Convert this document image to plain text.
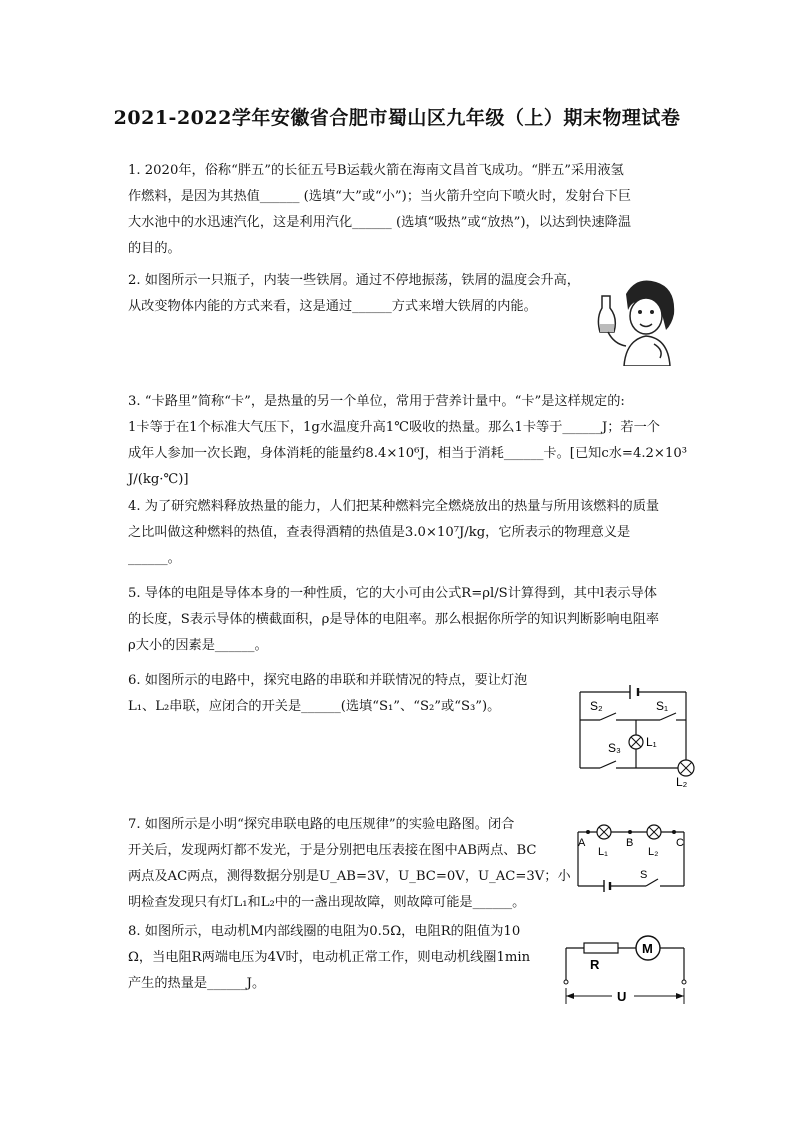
2021-2022学年安徽省合肥市蜀山区九年级（上）期末物理试卷
1. 2020年，俗称“胖五”的长征五号B运载火箭在海南文昌首飞成功。“胖五”采用液氢
作燃料，是因为其热值______ (选填“大”或“小”)；当火箭升空向下喷火时，发射台下巨
大水池中的水迅速汽化，这是利用汽化______ (选填“吸热”或“放热”)，以达到快速降温
的目的。
2. 如图所示一只瓶子，内装一些铁屑。通过不停地振荡，铁屑的温度会升高，
从改变物体内能的方式来看，这是通过______方式来增大铁屑的内能。
3. “卡路里”简称“卡”，是热量的另一个单位，常用于营养计量中。“卡”是这样规定的:
1卡等于在1个标准大气压下，1g水温度升高1℃吸收的热量。那么1卡等于______J；若一个
成年人参加一次长跑，身体消耗的能量约8.4×10⁶J，相当于消耗______卡。[已知c水=4.2×10³
J/(kg·℃)]
4. 为了研究燃料释放热量的能力，人们把某种燃料完全燃烧放出的热量与所用该燃料的质量
之比叫做这种燃料的热值，查表得酒精的热值是3.0×10⁷J/kg，它所表示的物理意义是
______。
5. 导体的电阻是导体本身的一种性质，它的大小可由公式R=ρl/S计算得到，其中l表示导体
的长度，S表示导体的横截面积，ρ是导体的电阻率。那么根据你所学的知识判断影响电阻率
ρ大小的因素是______。
6. 如图所示的电路中，探究电路的串联和并联情况的特点，要让灯泡
L₁、L₂串联，应闭合的开关是______(选填“S₁”、“S₂”或“S₃”)。	S₂	S₁
S₃ L₁
L₂
7. 如图所示是小明“探究串联电路的电压规律”的实验电路图。闭合
开关后，发现两灯都不发光，于是分别把电压表接在图中AB两点、BC
两点及AC两点，测得数据分别是U_AB=3V，U_BC=0V，U_AC=3V；小
明检查发现只有灯L₁和L₂中的一盏出现故障，则故障可能是______。
A
L₁
B
L₂
C
S
8. 如图所示，电动机M内部线圈的电阻为0.5Ω，电阻R的阻值为10
Ω，当电阻R两端电压为4V时，电动机正常工作，则电动机线圈1min
产生的热量是______J。
R
M
U
